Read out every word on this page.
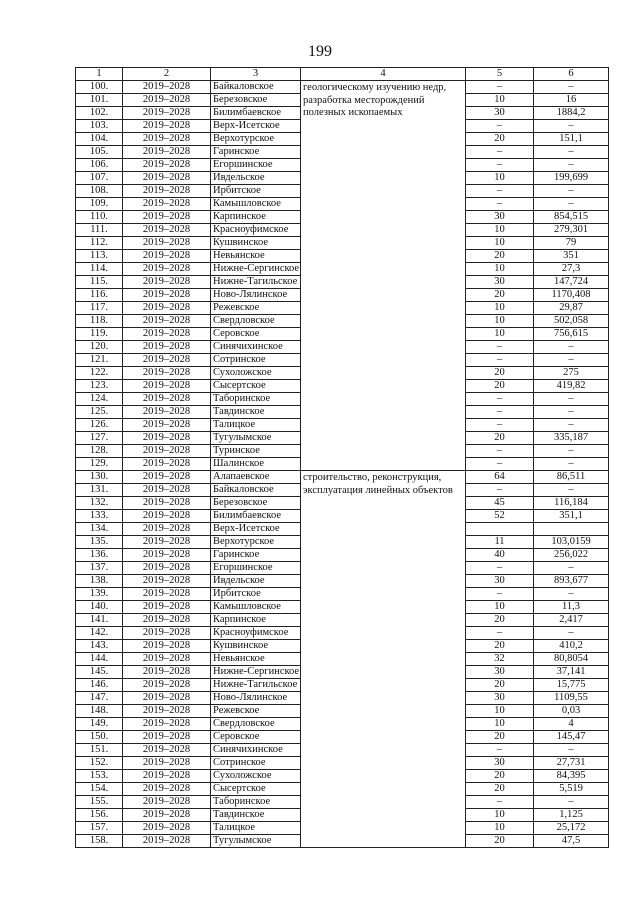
199
1	2	3	4	5	6
100.	2019–2028	Байкаловское	геологическому изучению недр, разработка месторождений полезных ископаемых	–	–
101.	2019–2028	Березовское		10	16
102.	2019–2028	Билимбаевское		30	1884,2
103.	2019–2028	Верх-Исетское		–	–
104.	2019–2028	Верхотурское		20	151,1
105.	2019–2028	Гаринское		–	–
106.	2019–2028	Егоршинское		–	–
107.	2019–2028	Ивдельское		10	199,699
108.	2019–2028	Ирбитское		–	–
109.	2019–2028	Камышловское		–	–
110.	2019–2028	Карпинское		30	854,515
111.	2019–2028	Красноуфимское		10	279,301
112.	2019–2028	Кушвинское		10	79
113.	2019–2028	Невьянское		20	351
114.	2019–2028	Нижне-Сергинское		10	27,3
115.	2019–2028	Нижне-Тагильское		30	147,724
116.	2019–2028	Ново-Лялинское		20	1170,408
117.	2019–2028	Режевское		10	29,87
118.	2019–2028	Свердловское		10	502,058
119.	2019–2028	Серовское		10	756,615
120.	2019–2028	Синячихинское		–	–
121.	2019–2028	Сотринское		–	–
122.	2019–2028	Сухоложское		20	275
123.	2019–2028	Сысертское		20	419,82
124.	2019–2028	Таборинское		–	–
125.	2019–2028	Тавдинское		–	–
126.	2019–2028	Талицкое		–	–
127.	2019–2028	Тугулымское		20	335,187
128.	2019–2028	Туринское		–	–
129.	2019–2028	Шалинское		–	–
130.	2019–2028	Алапаевское	строительство, реконструкция, эксплуатация линейных объектов	64	86,511
131.	2019–2028	Байкаловское		–	–
132.	2019–2028	Березовское		45	116,184
133.	2019–2028	Билимбаевское		52	351,1
134.	2019–2028	Верх-Исетское			
135.	2019–2028	Верхотурское		11	103,0159
136.	2019–2028	Гаринское		40	256,022
137.	2019–2028	Егоршинское		–	–
138.	2019–2028	Ивдельское		30	893,677
139.	2019–2028	Ирбитское		–	–
140.	2019–2028	Камышловское		10	11,3
141.	2019–2028	Карпинское		20	2,417
142.	2019–2028	Красноуфимское		–	–
143.	2019–2028	Кушвинское		20	410,2
144.	2019–2028	Невьянское		32	80,8054
145.	2019–2028	Нижне-Сергинское		30	37,141
146.	2019–2028	Нижне-Тагильское		20	15,775
147.	2019–2028	Ново-Лялинское		30	1109,55
148.	2019–2028	Режевское		10	0,03
149.	2019–2028	Свердловское		10	4
150.	2019–2028	Серовское		20	145,47
151.	2019–2028	Синячихинское		–	–
152.	2019–2028	Сотринское		30	27,731
153.	2019–2028	Сухоложское		20	84,395
154.	2019–2028	Сысертское		20	5,519
155.	2019–2028	Таборинское		–	–
156.	2019–2028	Тавдинское		10	1,125
157.	2019–2028	Талицкое		10	25,172
158.	2019–2028	Тугулымское		20	47,5
